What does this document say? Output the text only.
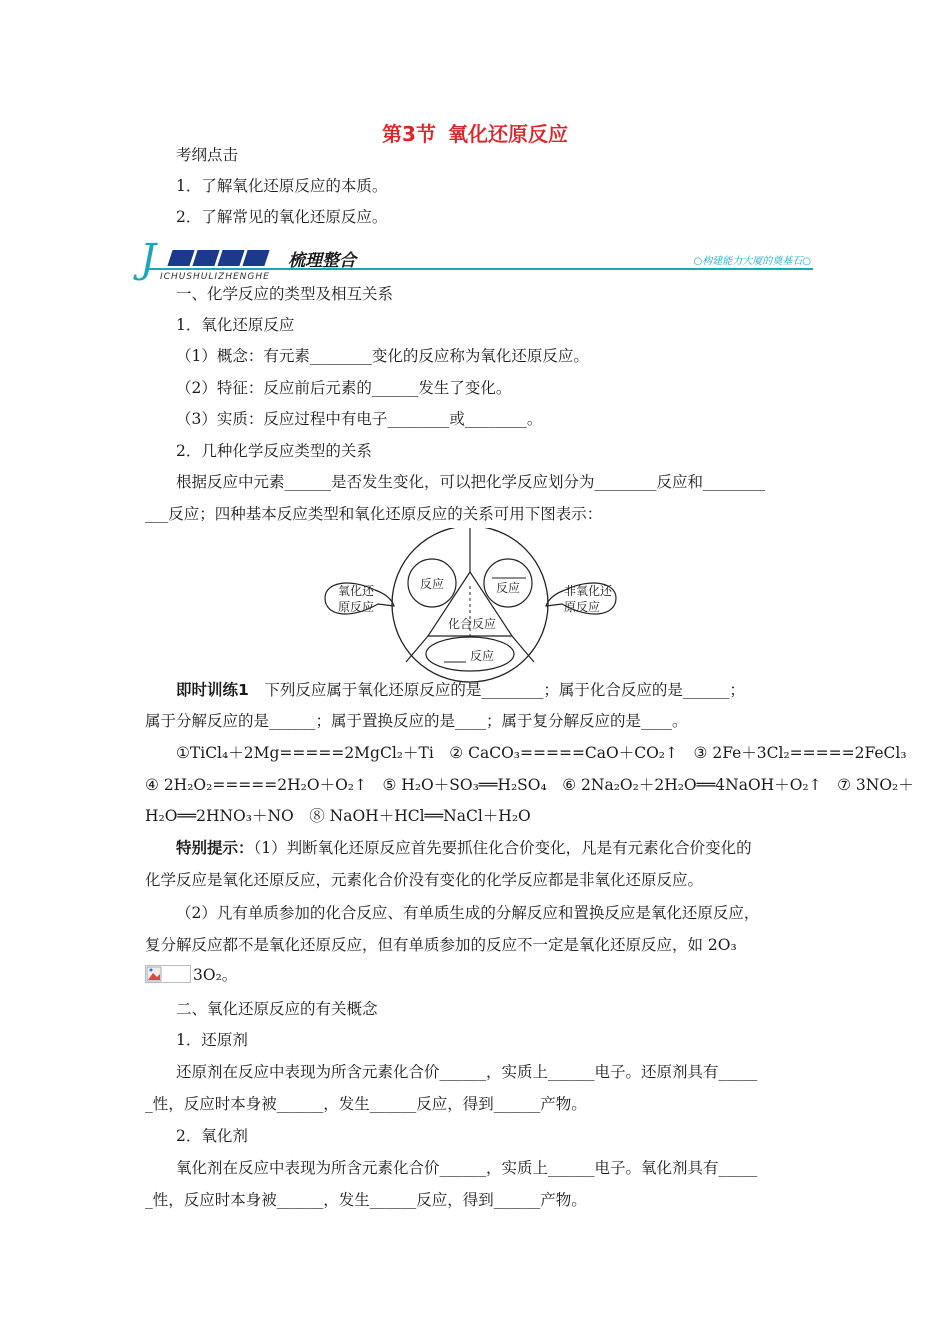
第3节 氧化还原反应
考纲点击
1．了解氧化还原反应的本质。
2．了解常见的氧化还原反应。
J	梳理整合
ICHUSHULIZHENGHE
○构建能力大厦的奠基石○
一、化学反应的类型及相互关系
1．氧化还原反应
（1）概念：有元素________变化的反应称为氧化还原反应。
（2）特征：反应前后元素的______发生了变化。
（3）实质：反应过程中有电子________或________。
2．几种化学反应类型的关系
根据反应中元素______是否发生变化，可以把化学反应划分为________反应和________
___反应；四种基本反应类型和氧化还原反应的关系可用下图表示：
氧化还
原反应
非氧化还
原反应
反应	反应
化合反应
反应
即时训练1　 下列反应属于氧化还原反应的是________；属于化合反应的是______；
属于分解反应的是______；属于置换反应的是____；属于复分解反应的是____。
①TiCl₄＋2Mg=====2MgCl₂＋Ti　② CaCO₃=====CaO＋CO₂↑　③ 2Fe＋3Cl₂=====2FeCl₃
④ 2H₂O₂=====2H₂O＋O₂↑　⑤ H₂O＋SO₃══H₂SO₄　⑥ 2Na₂O₂＋2H₂O══4NaOH＋O₂↑　⑦ 3NO₂＋
H₂O══2HNO₃＋NO　⑧ NaOH＋HCl══NaCl＋H₂O
特别提示：（1）判断氧化还原反应首先要抓住化合价变化，凡是有元素化合价变化的
化学反应是氧化还原反应，元素化合价没有变化的化学反应都是非氧化还原反应。
（2）凡有单质参加的化合反应、有单质生成的分解反应和置换反应是氧化还原反应，
复分解反应都不是氧化还原反应，但有单质参加的反应不一定是氧化还原反应，如 2O₃
3O₂。
二、氧化还原反应的有关概念
1．还原剂
还原剂在反应中表现为所含元素化合价______，实质上______电子。还原剂具有_____
_性，反应时本身被______，发生______反应，得到______产物。
2．氧化剂
氧化剂在反应中表现为所含元素化合价______，实质上______电子。氧化剂具有_____
_性，反应时本身被______，发生______反应，得到______产物。
